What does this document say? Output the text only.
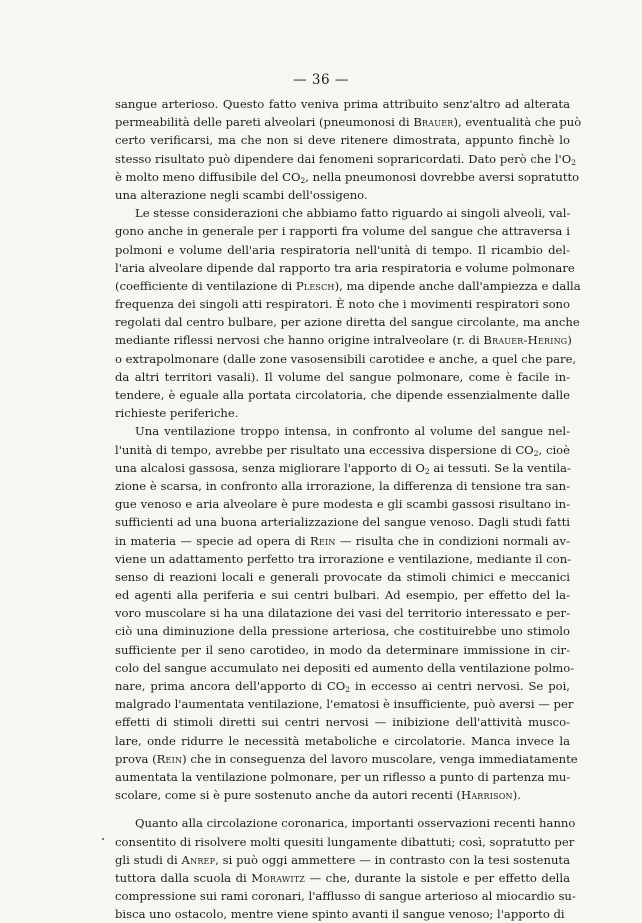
— 36 —
sangue arterioso. Questo fatto veniva prima attribuito senz'altro ad alterata
permeabilità delle pareti alveolari (pneumonosi di Brauer), eventualità che può
certo verificarsi, ma che non si deve ritenere dimostrata, appunto finchè lo
stesso risultato può dipendere dai fenomeni sopraricordati. Dato però che $l'O_2$
è molto meno diffusibile del $CO_2$, nella pneumonosi dovrebbe aversi sopratutto
una alterazione negli scambi dell'ossigeno.
Le stesse considerazioni che abbiamo fatto riguardo ai singoli alveoli, val-
gono anche in generale per i rapporti fra volume del sangue che attraversa i
polmoni e volume dell'aria respiratoria nell'unità di tempo. Il ricambio del-
l'aria alveolare dipende dal rapporto tra aria respiratoria e volume polmonare
(coefficiente di ventilazione di Plesch), ma dipende anche dall'ampiezza e dalla
frequenza dei singoli atti respiratori. È noto che i movimenti respiratori sono
regolati dal centro bulbare, per azione diretta del sangue circolante, ma anche
mediante riflessi nervosi che hanno origine intralveolare (r. di Brauer-Hering)
o extrapolmonare (dalle zone vasosensibili carotidee e anche, a quel che pare,
da altri territori vasali). Il volume del sangue polmonare, come è facile in-
tendere, è eguale alla portata circolatoria, che dipende essenzialmente dalle
richieste periferiche.
Una ventilazione troppo intensa, in confronto al volume del sangue nel-
l'unità di tempo, avrebbe per risultato una eccessiva dispersione di $CO_2$, cioè
una alcalosi gassosa, senza migliorare l'apporto di $O_2$ ai tessuti. Se la ventila-
zione è scarsa, in confronto alla irrorazione, la differenza di tensione tra san-
gue venoso e aria alveolare è pure modesta e gli scambi gassosi risultano in-
sufficienti ad una buona arterializzazione del sangue venoso. Dagli studi fatti
in materia — specie ad opera di Rein — risulta che in condizioni normali av-
viene un adattamento perfetto tra irrorazione e ventilazione, mediante il con-
senso di reazioni locali e generali provocate da stimoli chimici e meccanici
ed agenti alla periferia e sui centri bulbari. Ad esempio, per effetto del la-
voro muscolare si ha una dilatazione dei vasi del territorio interessato e per-
ciò una diminuzione della pressione arteriosa, che costituirebbe uno stimolo
sufficiente per il seno carotideo, in modo da determinare immissione in cir-
colo del sangue accumulato nei depositi ed aumento della ventilazione polmo-
nare, prima ancora dell'apporto di $CO_2$ in eccesso ai centri nervosi. Se poi,
malgrado l'aumentata ventilazione, l'ematosi è insufficiente, può aversi — per
effetti di stimoli diretti sui centri nervosi — inibizione dell'attività musco-
lare, onde ridurre le necessità metaboliche e circolatorie. Manca invece la
prova (Rein) che in conseguenza del lavoro muscolare, venga immediatamente
aumentata la ventilazione polmonare, per un riflesso a punto di partenza mu-
scolare, come si è pure sostenuto anche da autori recenti (Harrison).
Quanto alla circolazione coronarica, importanti osservazioni recenti hanno
consentito di risolvere molti quesiti lungamente dibattuti; così, sopratutto per
gli studi di Anrep, si può oggi ammettere — in contrasto con la tesi sostenuta
tuttora dalla scuola di Morawitz — che, durante la sistole e per effetto della
compressione sui rami coronari, l'afflusso di sangue arterioso al miocardio su-
bisca uno ostacolo, mentre viene spinto avanti il sangue venoso; l'apporto di
